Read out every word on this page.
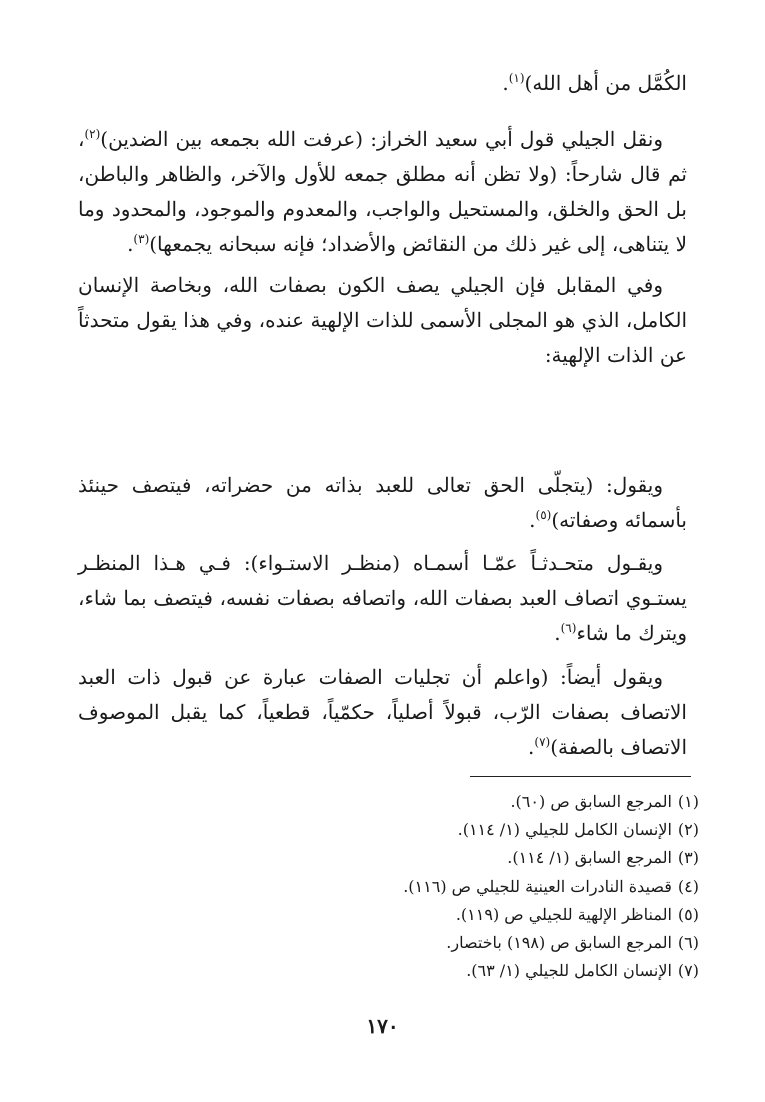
الكُمَّل من أهل الله)$^{(١)}$.

ونقل الجيلي قول أبي سعيد الخراز: (عرفت الله بجمعه بين الضدين)$^{(٢)}$، ثم قال شارحاً: (ولا تظن أنه مطلق جمعه للأول والآخر، والظاهر والباطن، بل الحق والخلق، والمستحيل والواجب، والمعدوم والموجود، والمحدود وما لا يتناهى، إلى غير ذلك من النقائض والأضداد؛ فإنه سبحانه يجمعها)$^{(٣)}$.

وفي المقابل فإن الجيلي يصف الكون بصفات الله، وبخاصة الإنسان الكامل، الذي هو المجلى الأسمى للذات الإلهية عنده، وفي هذا يقول متحدثاً عن الذات الإلهية:

ويقول: (يتجلّى الحق تعالى للعبد بذاته من حضراته، فيتصف حينئذ بأسمائه وصفاته)$^{(٥)}$.

ويقـول متحـدثـاً عمّـا أسمـاه (منظـر الاستـواء): فـي هـذا المنظـر يستـوي اتصاف العبد بصفات الله، واتصافه بصفات نفسه، فيتصف بما شاء، ويترك ما شاء$^{(٦)}$.

ويقول أيضاً: (واعلم أن تجليات الصفات عبارة عن قبول ذات العبد الاتصاف بصفات الرّب، قبولاً أصلياً، حكمّياً، قطعياً، كما يقبل الموصوف الاتصاف بالصفة)$^{(٧)}$.

(١)المرجع السابق ص (٦٠).
(٢)الإنسان الكامل للجيلي (١/ ١١٤).
(٣)المرجع السابق (١/ ١١٤).
(٤)قصيدة النادرات العينية للجيلي ص (١١٦).
(٥)المناظر الإلهية للجيلي ص (١١٩).
(٦)المرجع السابق ص (١٩٨) باختصار.
(٧)الإنسان الكامل للجيلي (١/ ٦٣).
١٧٠
